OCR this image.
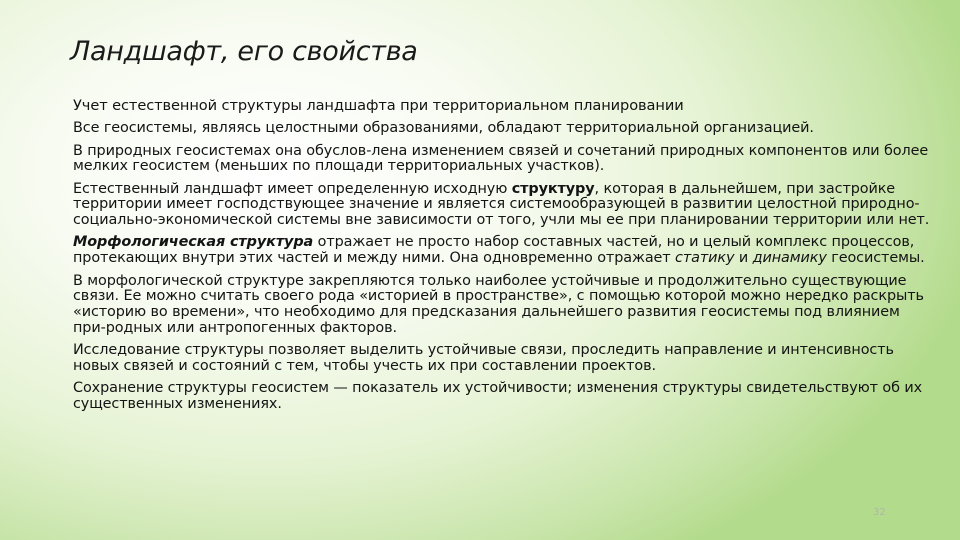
Ландшафт, его свойства

Учет естественной структуры ландшафта при территориальном планировании

Все геосистемы, являясь целостными образованиями, обладают территориальной организацией.

В природных геосистемах она обуслов-лена изменением связей и сочетаний природных компонентов или более мелких геосистем (меньших по площади территориальных участков).

Естественный ландшафт имеет определенную исходную структуру, которая в дальнейшем, при застройке территории имеет господствующее значение и является системообразующей в развитии целостной природно-социально-экономической системы вне зависимости от того, учли мы ее при планировании территории или нет.

Морфологическая структура отражает не просто набор составных частей, но и целый комплекс процессов, протекающих внутри этих частей и между ними. Она одновременно отражает статику и динамику геосистемы.

В морфологической структуре закрепляются только наиболее устойчивые и продолжительно существующие связи. Ее можно считать своего рода «историей в пространстве», с помощью которой можно нередко раскрыть «историю во времени», что необходимо для предсказания дальнейшего развития геосистемы под влиянием при-родных или антропогенных факторов.

Исследование структуры позволяет выделить устойчивые связи, проследить направление и интенсивность новых связей и состояний с тем, чтобы учесть их при составлении проектов.

Сохранение структуры геосистем — показатель их устойчивости; изменения структуры свидетельствуют об их существенных изменениях.

32
